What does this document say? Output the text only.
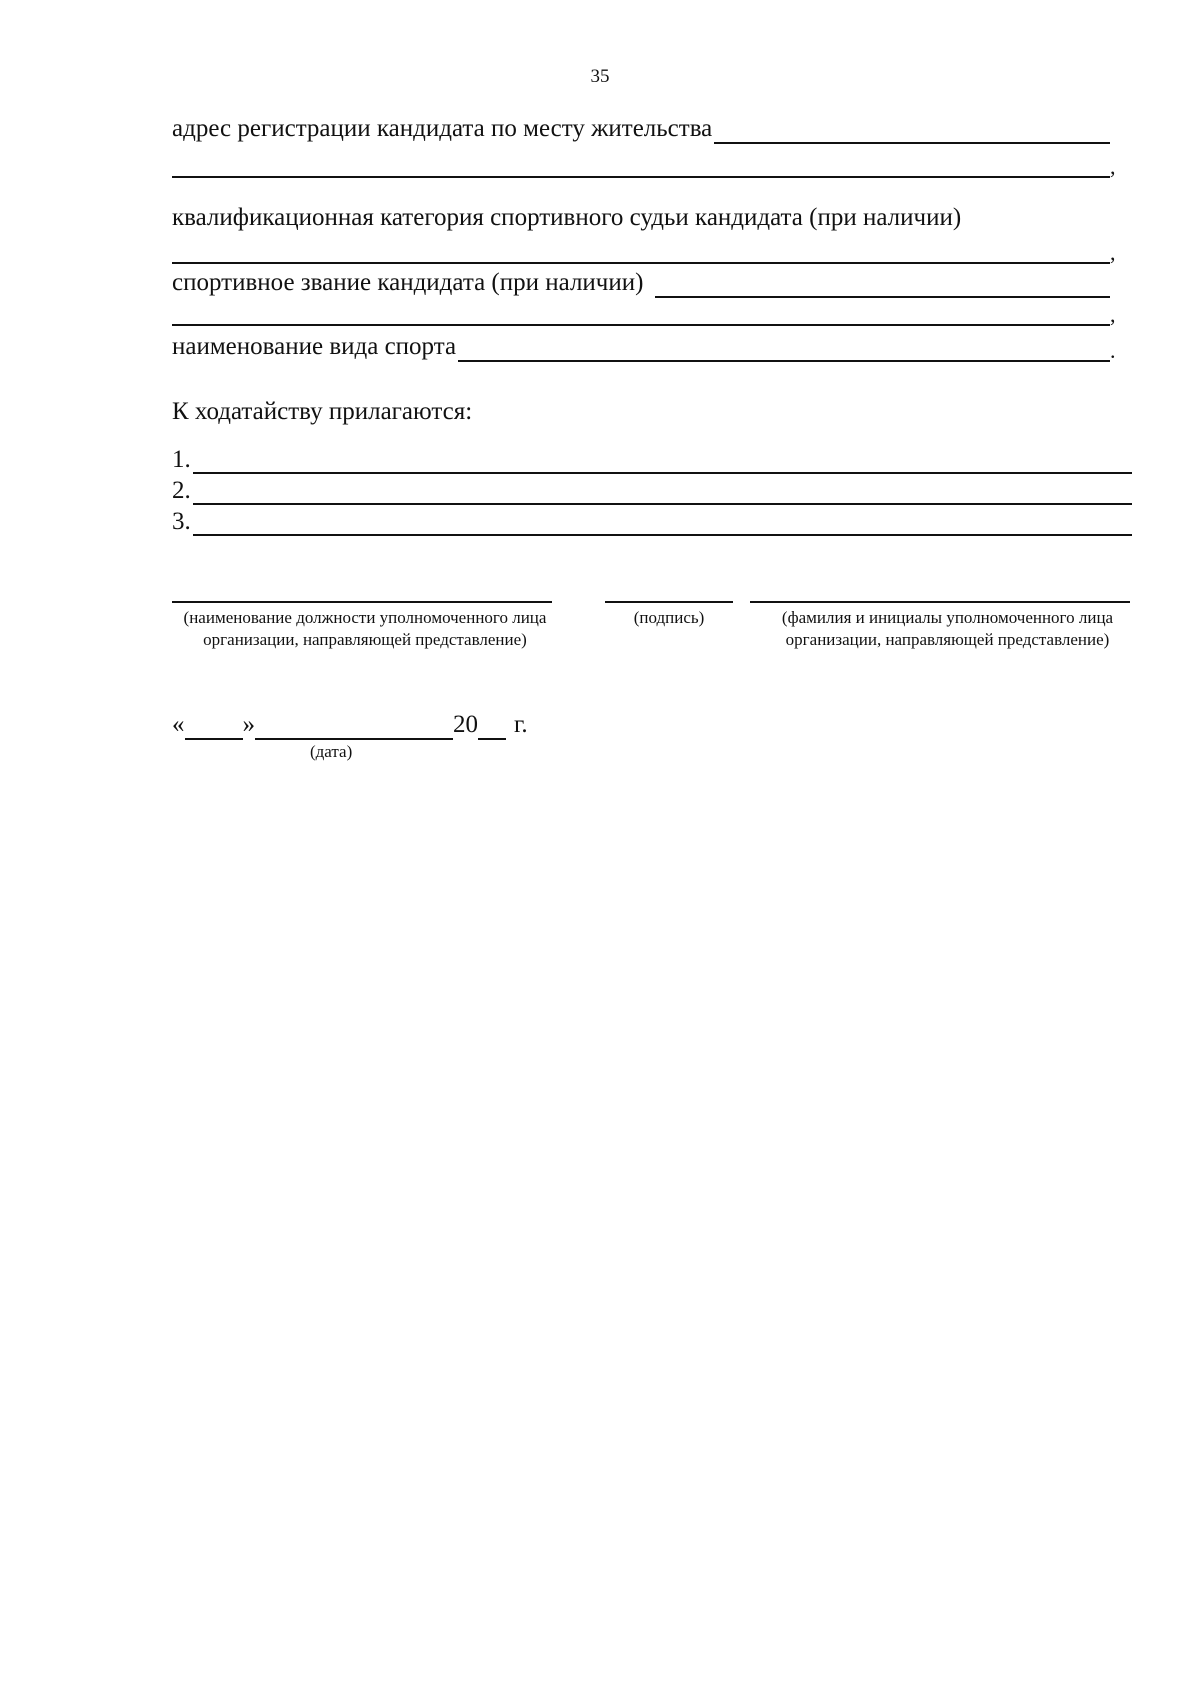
35
адрес регистрации кандидата по месту жительства
,
квалификационная категория спортивного судьи кандидата (при наличии)
,
спортивное звание кандидата (при наличии)
,
наименование вида спорта	.
К ходатайству прилагаются:
1.
2.
3.
(наименование должности уполномоченного лица организации, направляющей представление)
(подпись)	(фамилия и инициалы уполномоченного лица организации, направляющей представление)
« »	20 г.
(дата)
